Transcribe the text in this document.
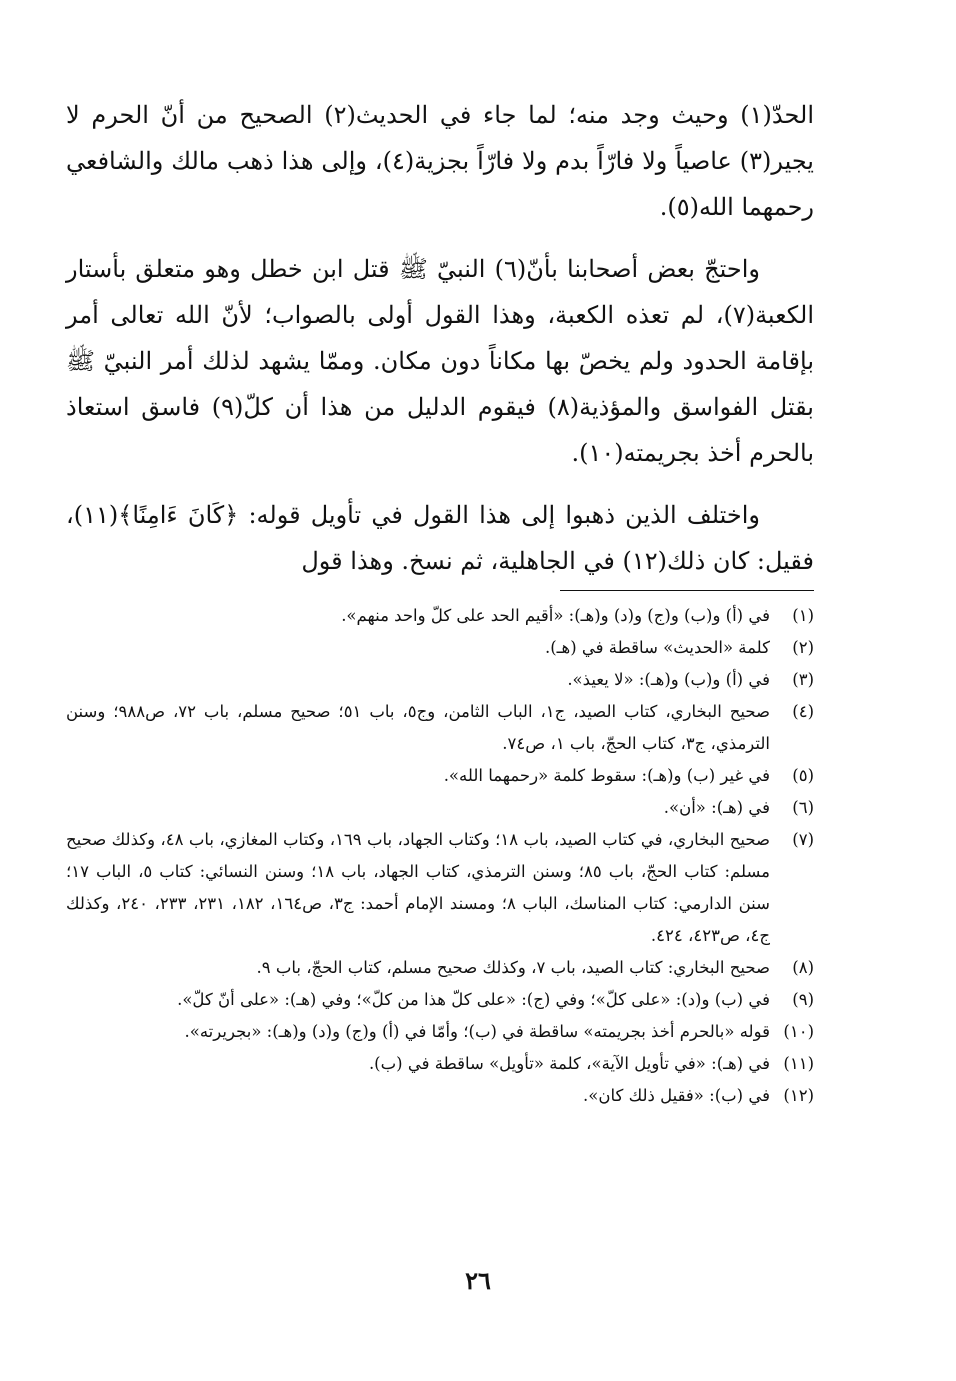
الحدّ(١) وحيث وجد منه؛ لما جاء في الحديث(٢) الصحيح من أنّ الحرم لا يجير(٣) عاصياً ولا فارّاً بدم ولا فارّاً بجزية(٤)، وإلى هذا ذهب مالك والشافعي رحمهما الله(٥).

واحتجّ بعض أصحابنا بأنّ(٦) النبيّ ﷺ قتل ابن خطل وهو متعلق بأستار الكعبة(٧)، لم تعذه الكعبة، وهذا القول أولى بالصواب؛ لأنّ الله تعالى أمر بإقامة الحدود ولم يخصّ بها مكاناً دون مكان. وممّا يشهد لذلك أمر النبيّ ﷺ بقتل الفواسق والمؤذية(٨) فيقوم الدليل من هذا أن كلّ(٩) فاسق استعاذ بالحرم أخذ بجريمته(١٠).

واختلف الذين ذهبوا إلى هذا القول في تأويل قوله: ﴿كَانَ ءَامِنًا﴾(١١)، فقيل: كان ذلك(١٢) في الجاهلية، ثم نسخ. وهذا قول

(١)
في (أ) و(ب) و(ج) و(د) و(هـ): «أقيم الحد على كلّ واحد منهم».
(٢)
كلمة «الحديث» ساقطة في (هـ).
(٣)
في (أ) و(ب) و(هـ): «لا يعيذ».
(٤)
صحيح البخاري، كتاب الصيد، ج١، الباب الثامن، وج٥، باب ٥١؛ صحيح مسلم، باب ٧٢، ص٩٨٨؛ وسنن الترمذي، ج٣، كتاب الحجّ، باب ١، ص٧٤.
(٥)
في غير (ب) و(هـ): سقوط كلمة «رحمهما الله».
(٦)
في (هـ): «أن».
(٧)
صحيح البخاري، في كتاب الصيد، باب ١٨؛ وكتاب الجهاد، باب ١٦٩، وكتاب المغازي، باب ٤٨، وكذلك صحيح مسلم: كتاب الحجّ، باب ٨٥؛ وسنن الترمذي، كتاب الجهاد، باب ١٨؛ وسنن النسائي: كتاب ٥، الباب ١٧؛ سنن الدارمي: كتاب المناسك، الباب ٨؛ ومسند الإمام أحمد: ج٣، ص١٦٤، ١٨٢، ٢٣١، ٢٣٣، ٢٤٠، وكذلك ج٤، ص٤٢٣، ٤٢٤.
(٨)
صحيح البخاري: كتاب الصيد، باب ٧، وكذلك صحيح مسلم، كتاب الحجّ، باب ٩.
(٩)
في (ب) و(د): «على كلّ»؛ وفي (ج): «على كلّ هذا من كلّ»؛ وفي (هـ): «على أنّ كلّ».
(١٠)
قوله «بالحرم أخذ بجريمته» ساقطة في (ب)؛ وأمّا في (أ) و(ج) و(د) و(هـ): «بجريرته».
(١١)
في (هـ): «في تأويل الآية»، كلمة «تأويل» ساقطة في (ب).
(١٢)
في (ب): «فقيل ذلك كان».
٢٦
